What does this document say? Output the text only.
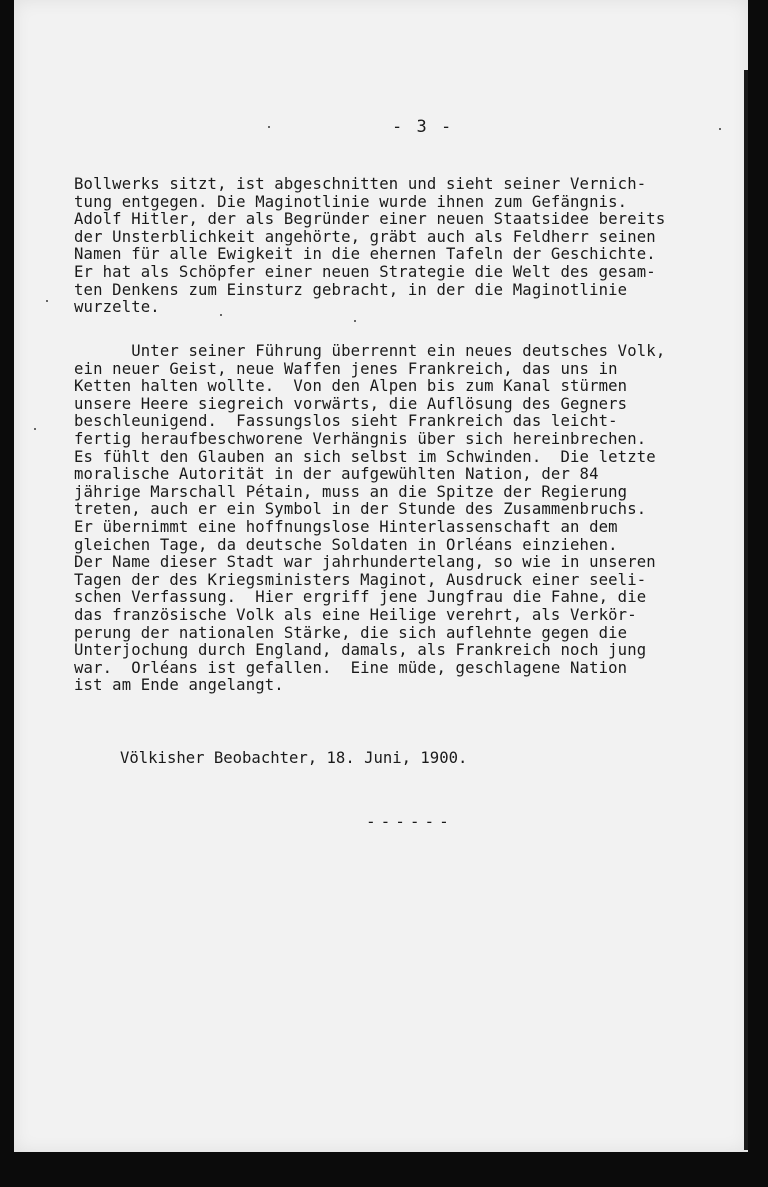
- 3 -
Bollwerks sitzt, ist abgeschnitten und sieht seiner Vernich-
tung entgegen. Die Maginotlinie wurde ihnen zum Gefängnis.
Adolf Hitler, der als Begründer einer neuen Staatsidee bereits
der Unsterblichkeit angehörte, gräbt auch als Feldherr seinen
Namen für alle Ewigkeit in die ehernen Tafeln der Geschichte.
Er hat als Schöpfer einer neuen Strategie die Welt des gesam-
ten Denkens zum Einsturz gebracht, in der die Maginotlinie
wurzelte.
Unter seiner Führung überrennt ein neues deutsches Volk,
ein neuer Geist, neue Waffen jenes Frankreich, das uns in
Ketten halten wollte.  Von den Alpen bis zum Kanal stürmen
unsere Heere siegreich vorwärts, die Auflösung des Gegners
beschleunigend.  Fassungslos sieht Frankreich das leicht-
fertig heraufbeschworene Verhängnis über sich hereinbrechen.
Es fühlt den Glauben an sich selbst im Schwinden.  Die letzte
moralische Autorität in der aufgewühlten Nation, der 84
jährige Marschall Pétain, muss an die Spitze der Regierung
treten, auch er ein Symbol in der Stunde des Zusammenbruchs.
Er übernimmt eine hoffnungslose Hinterlassenschaft an dem
gleichen Tage, da deutsche Soldaten in Orléans einziehen.
Der Name dieser Stadt war jahrhundertelang, so wie in unseren
Tagen der des Kriegsministers Maginot, Ausdruck einer seeli-
schen Verfassung.  Hier ergriff jene Jungfrau die Fahne, die
das französische Volk als eine Heilige verehrt, als Verkör-
perung der nationalen Stärke, die sich auflehnte gegen die
Unterjochung durch England, damals, als Frankreich noch jung
war.  Orléans ist gefallen.  Eine müde, geschlagene Nation
ist am Ende angelangt.
Völkisher Beobachter, 18. Juni, 1900.
------
